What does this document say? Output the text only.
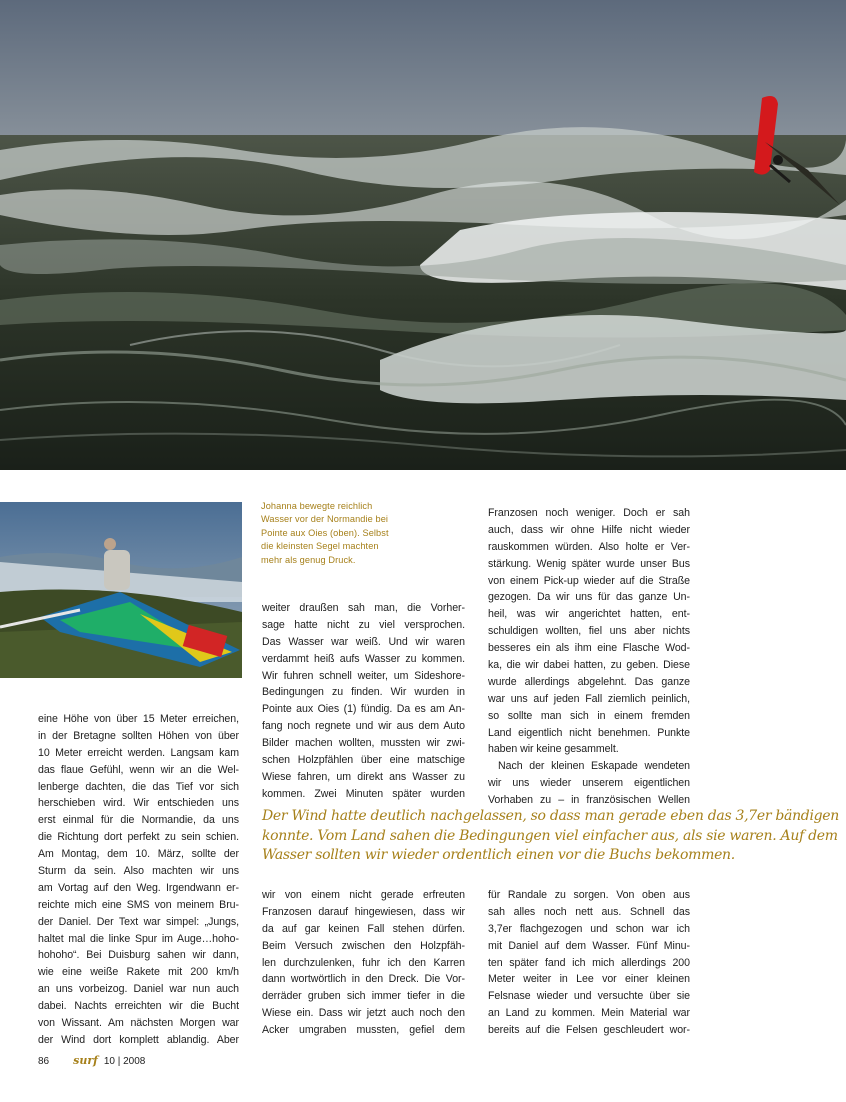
Johanna bewegte reichlich
Wasser vor der Normandie bei
Pointe aux Oies (oben). Selbst
die kleinsten Segel machten
mehr als genug Druck.
eine Höhe von über 15 Meter erreichen,
in der Bretagne sollten Höhen von über
10 Meter erreicht werden. Langsam kam
das flaue Gefühl, wenn wir an die Wel-
lenberge dachten, die das Tief vor sich
herschieben wird. Wir entschieden uns
erst einmal für die Normandie, da uns
die Richtung dort perfekt zu sein schien.
Am Montag, dem 10. März, sollte der
Sturm da sein. Also machten wir uns
am Vortag auf den Weg. Irgendwann er-
reichte mich eine SMS von meinem Bru-
der Daniel. Der Text war simpel: „Jungs,
haltet mal die linke Spur im Auge…hoho-
hohoho“. Bei Duisburg sahen wir dann,
wie eine weiße Rakete mit 200 km/h
an uns vorbeizog. Daniel war nun auch
dabei. Nachts erreichten wir die Bucht
von Wissant. Am nächsten Morgen war
der Wind dort komplett ablandig. Aber
weiter draußen sah man, die Vorher-
sage hatte nicht zu viel versprochen.
Das Wasser war weiß. Und wir waren
verdammt heiß aufs Wasser zu kommen.
Wir fuhren schnell weiter, um Sideshore-
Bedingungen zu finden. Wir wurden in
Pointe aux Oies (1) fündig. Da es am An-
fang noch regnete und wir aus dem Auto
Bilder machen wollten, mussten wir zwi-
schen Holzpfählen über eine matschige
Wiese fahren, um direkt ans Wasser zu
kommen. Zwei Minuten später wurden
Franzosen noch weniger. Doch er sah
auch, dass wir ohne Hilfe nicht wieder
rauskommen würden. Also holte er Ver-
stärkung. Wenig später wurde unser Bus
von einem Pick-up wieder auf die Straße
gezogen. Da wir uns für das ganze Un-
heil, was wir angerichtet hatten, ent-
schuldigen wollten, fiel uns aber nichts
besseres ein als ihm eine Flasche Wod-
ka, die wir dabei hatten, zu geben. Diese
wurde allerdings abgelehnt. Das ganze
war uns auf jeden Fall ziemlich peinlich,
so sollte man sich in einem fremden
Land eigentlich nicht benehmen. Punkte
haben wir keine gesammelt.
Nach der kleinen Eskapade wendeten
wir uns wieder unserem eigentlichen
Vorhaben zu – in französischen Wellen
Der Wind hatte deutlich nachgelassen, so dass man gerade eben das 3,7er bändigen
konnte. Vom Land sahen die Bedingungen viel einfacher aus, als sie waren. Auf dem
Wasser sollten wir wieder ordentlich einen vor die Buchs bekommen.
wir von einem nicht gerade erfreuten
Franzosen darauf hingewiesen, dass wir
da auf gar keinen Fall stehen dürfen.
Beim Versuch zwischen den Holzpfäh-
len durchzulenken, fuhr ich den Karren
dann wortwörtlich in den Dreck. Die Vor-
derräder gruben sich immer tiefer in die
Wiese ein. Dass wir jetzt auch noch den
Acker umgraben mussten, gefiel dem
für Randale zu sorgen. Von oben aus
sah alles noch nett aus. Schnell das
3,7er flachgezogen und schon war ich
mit Daniel auf dem Wasser. Fünf Minu-
ten später fand ich mich allerdings 200
Meter weiter in Lee vor einer kleinen
Felsnase wieder und versuchte über sie
an Land zu kommen. Mein Material war
bereits auf die Felsen geschleudert wor-
86 surf 10 | 2008
